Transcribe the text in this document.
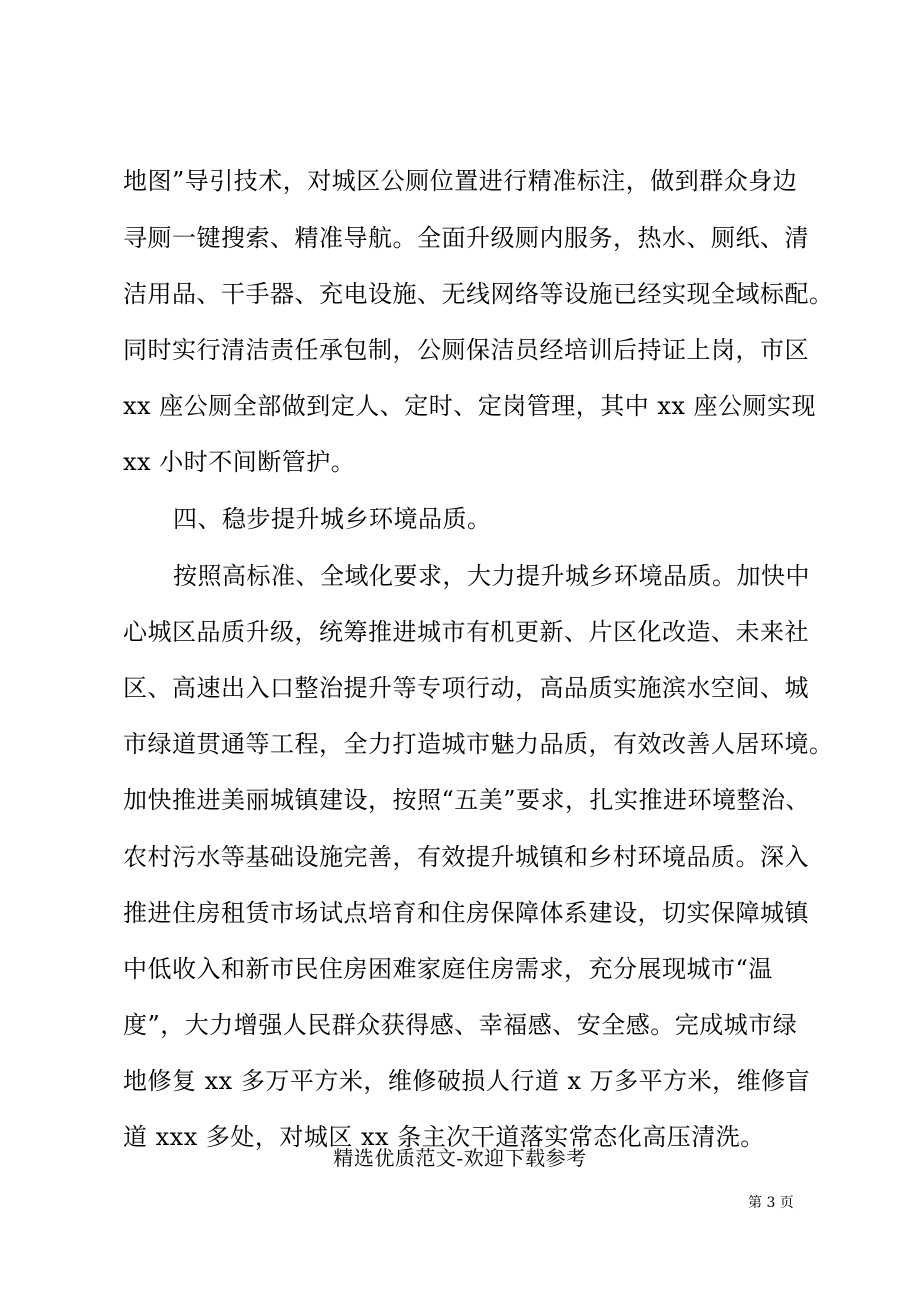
地图”导引技术，对城区公厕位置进行精准标注，做到群众身边
寻厕一键搜索、精准导航。全面升级厕内服务，热水、厕纸、清
洁用品、干手器、充电设施、无线网络等设施已经实现全域标配。
同时实行清洁责任承包制，公厕保洁员经培训后持证上岗，市区
xx 座公厕全部做到定人、定时、定岗管理，其中 xx 座公厕实现
xx 小时不间断管护。
四、稳步提升城乡环境品质。
按照高标准、全域化要求，大力提升城乡环境品质。加快中
心城区品质升级，统筹推进城市有机更新、片区化改造、未来社
区、高速出入口整治提升等专项行动，高品质实施滨水空间、城
市绿道贯通等工程，全力打造城市魅力品质，有效改善人居环境。
加快推进美丽城镇建设，按照“五美”要求，扎实推进环境整治、
农村污水等基础设施完善，有效提升城镇和乡村环境品质。深入
推进住房租赁市场试点培育和住房保障体系建设，切实保障城镇
中低收入和新市民住房困难家庭住房需求，充分展现城市“温
度”，大力增强人民群众获得感、幸福感、安全感。完成城市绿
地修复 xx 多万平方米，维修破损人行道 x 万多平方米，维修盲
道 xxx 多处，对城区 xx 条主次干道落实常态化高压清洗。
精选优质范文-欢迎下载参考
第 3 页
